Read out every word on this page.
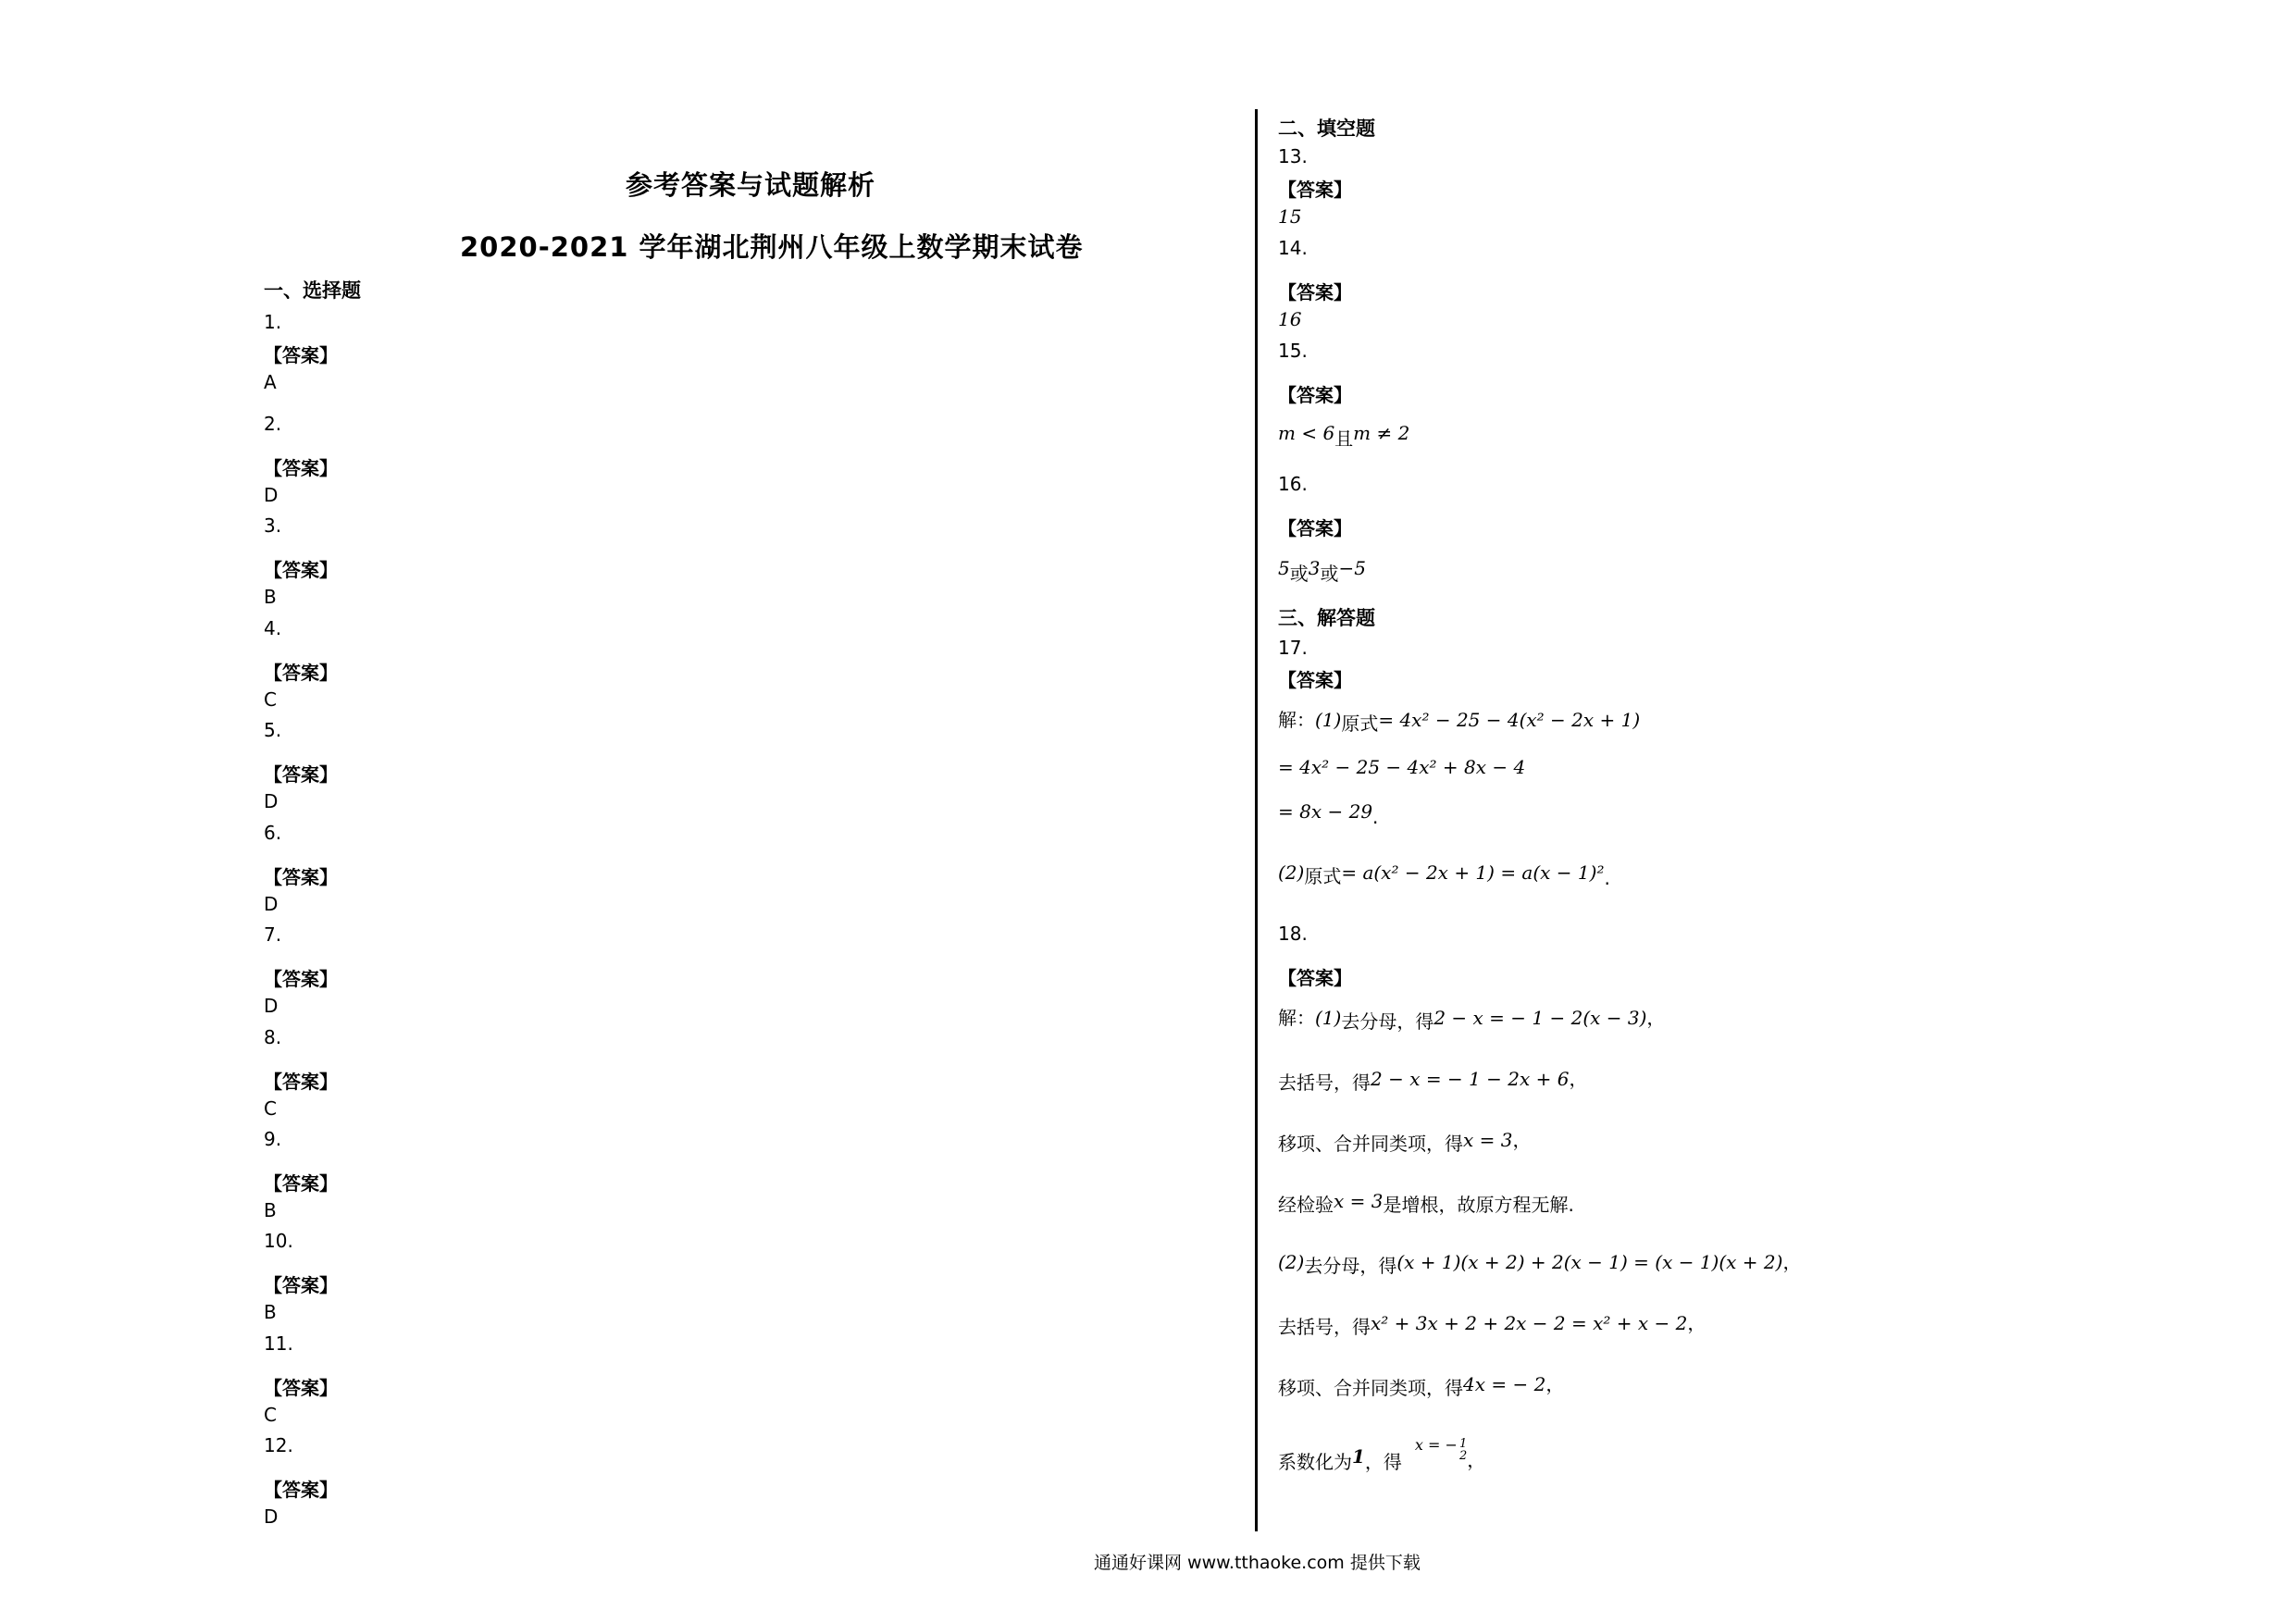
参考答案与试题解析
2020-2021 学年湖北荆州八年级上数学期末试卷
一、选择题
1.
【答案】
A
2.
【答案】
D
3.
【答案】
B
4.
【答案】
C
5.
【答案】
D
6.
【答案】
D
7.
【答案】
D
8.
【答案】
C
9.
【答案】
B
10.
【答案】
B
11.
【答案】
C
12.
【答案】
D
二、填空题
13.
【答案】
15
14.
【答案】
16
15.
【答案】
m < 6且m ≠ 2
16.
【答案】
5或3或−5
三、解答题
17.
【答案】
解：(1)原式= 4x² − 25 − 4(x² − 2x + 1)
= 4x² − 25 − 4x² + 8x − 4
= 8x − 29.
(2)原式= a(x² − 2x + 1) = a(x − 1)².
18.
【答案】
解：(1)去分母，得2 − x = − 1 − 2(x − 3)，
去括号，得2 − x = − 1 − 2x + 6，
移项、合并同类项，得x = 3，
经检验x = 3是增根，故原方程无解.
(2)去分母，得(x + 1)(x + 2) + 2(x − 1) = (x − 1)(x + 2)，
去括号，得x² + 3x + 2 + 2x − 2 = x² + x − 2，
移项、合并同类项，得4x = − 2，
系数化为1，得x = − 1
2 ，
通通好课网 www.tthaoke.com 提供下载
